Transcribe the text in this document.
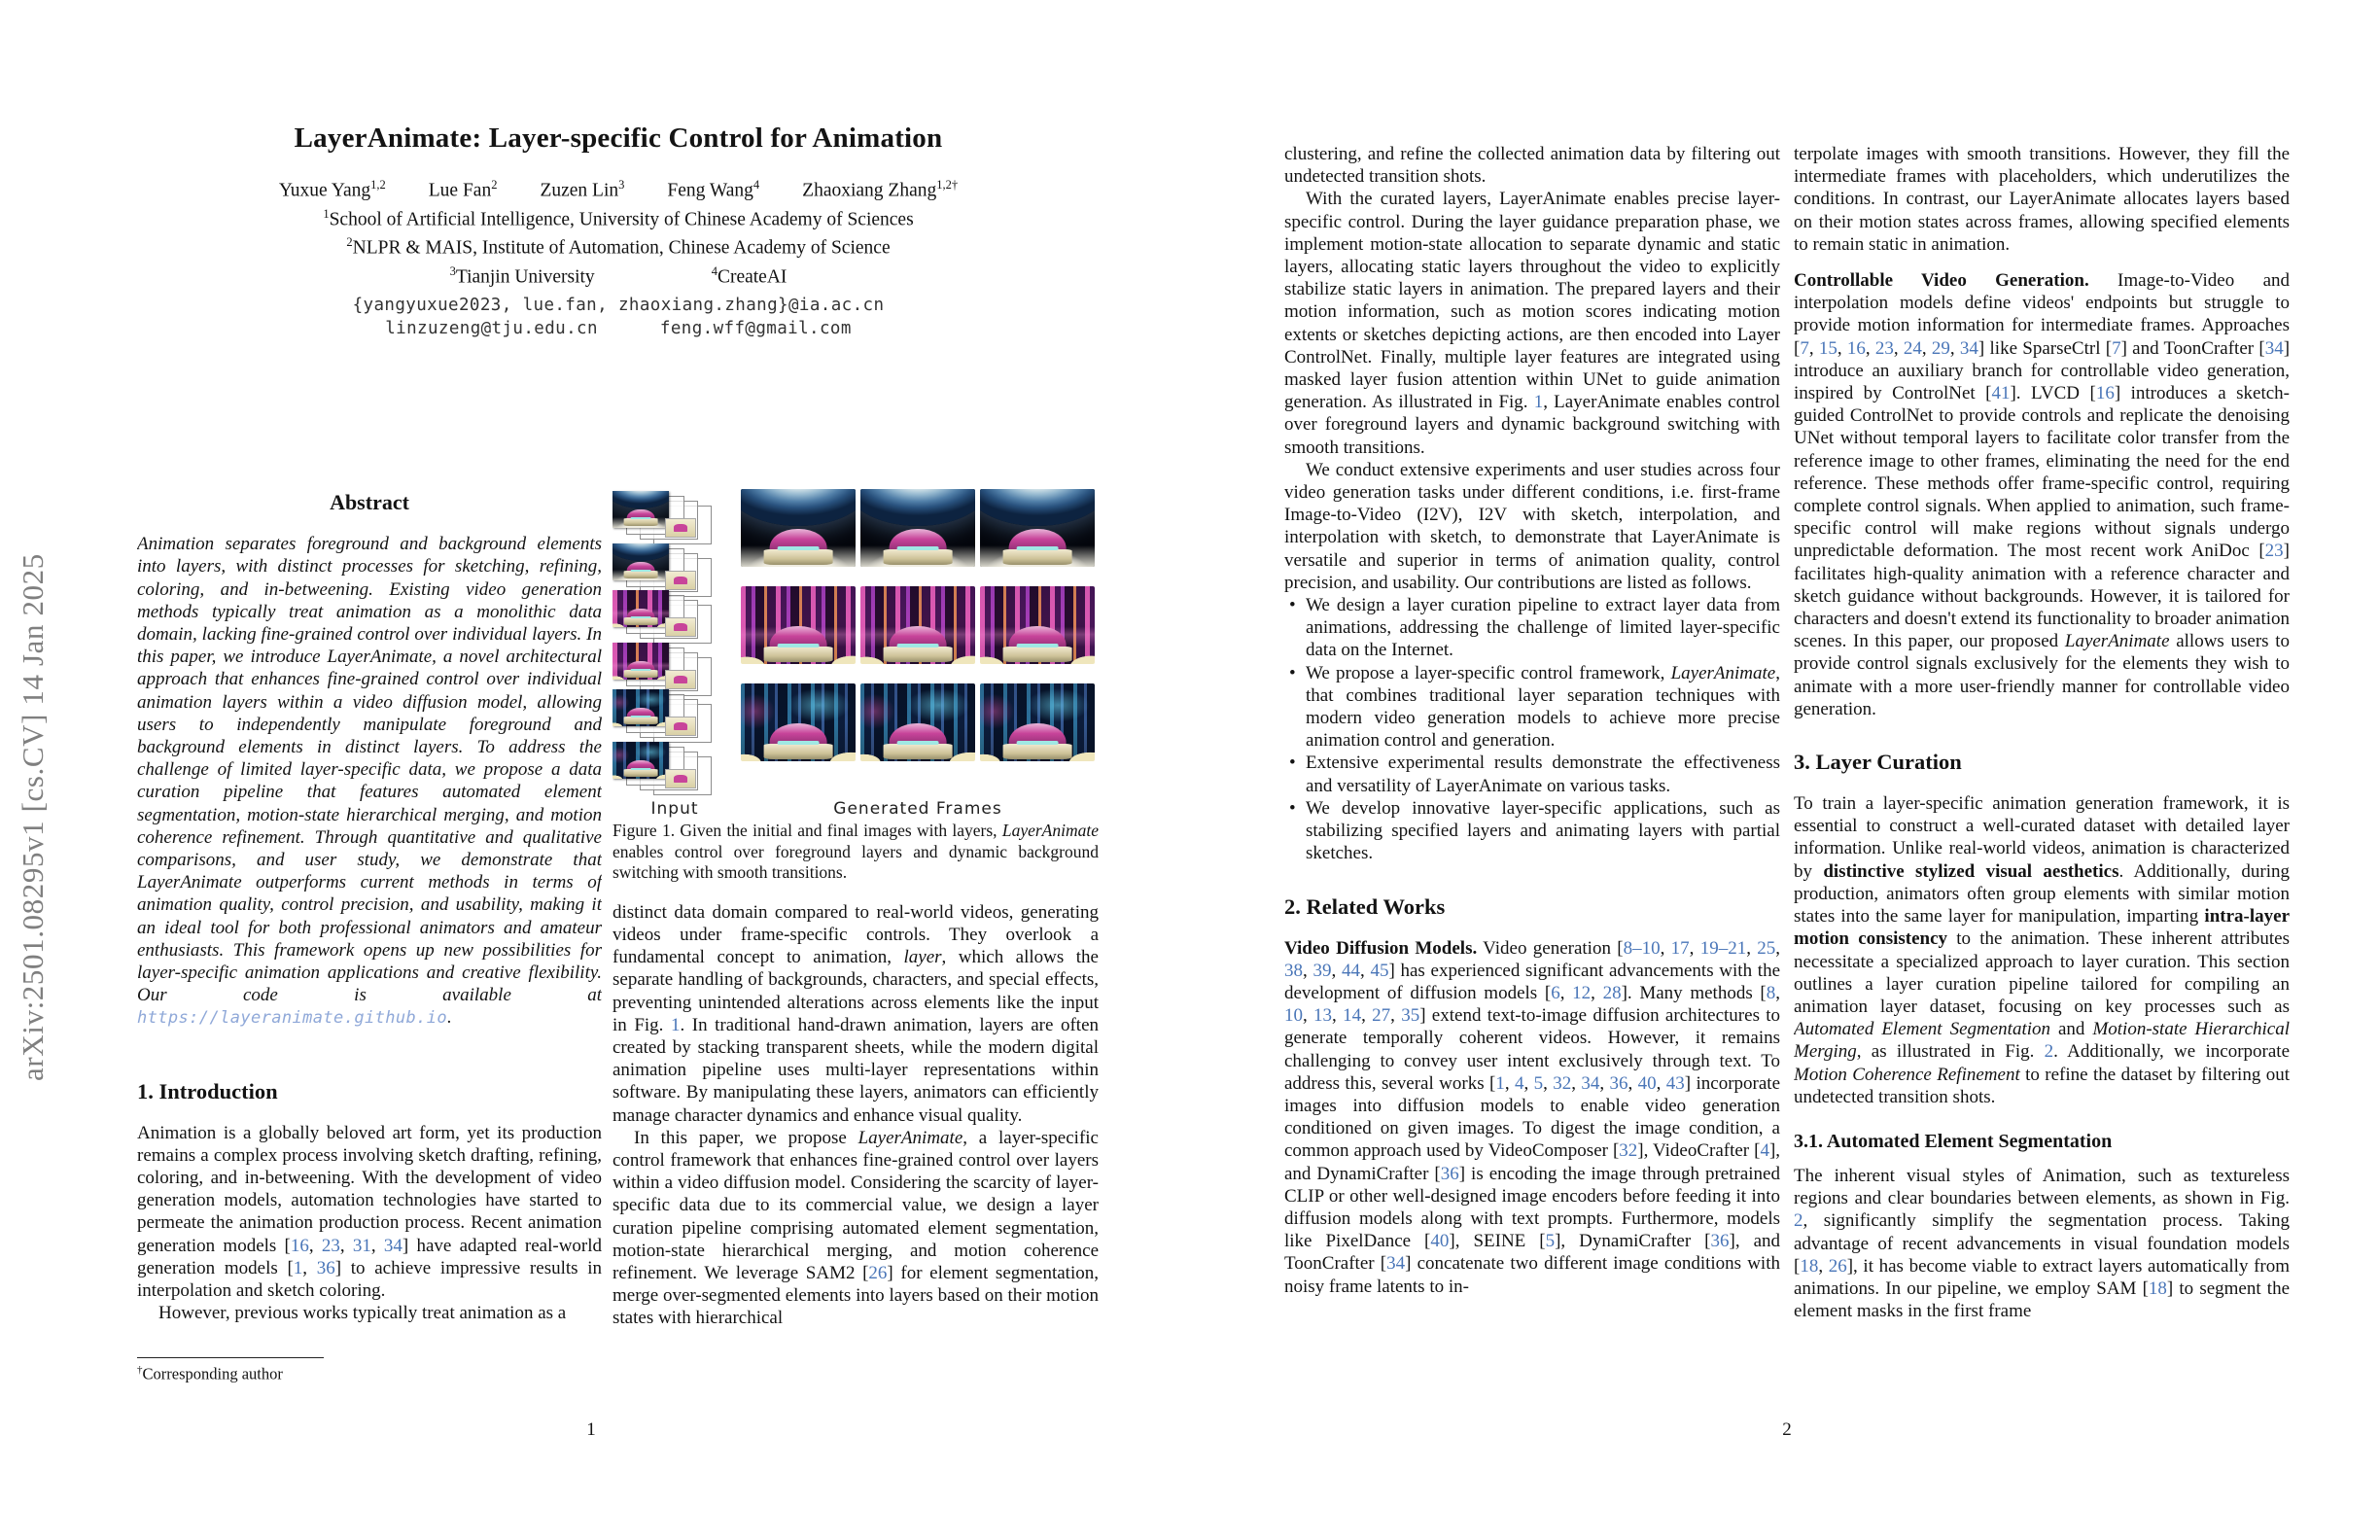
arXiv:2501.08295v1 [cs.CV] 14 Jan 2025
LayerAnimate: Layer-specific Control for Animation
Yuxue Yang$^{1,2}$ Lue Fan$^2$ Zuzen Lin$^3$ Feng Wang$^4$ Zhaoxiang Zhang$^{1,2\dagger}$
$^1$School of Artificial Intelligence, University of Chinese Academy of Sciences
$^2$NLPR & MAIS, Institute of Automation, Chinese Academy of Science
$^3$Tianjin University	$^4$CreateAI
{yangyuxue2023, lue.fan, zhaoxiang.zhang}@ia.ac.cn
linzuzeng@tju.edu.cn	feng.wff@gmail.com
Abstract

Animation separates foreground and background elements into layers, with distinct processes for sketching, refining, coloring, and in-betweening. Existing video generation methods typically treat animation as a monolithic data domain, lacking fine-grained control over individual layers. In this paper, we introduce LayerAnimate, a novel architectural approach that enhances fine-grained control over individual animation layers within a video diffusion model, allowing users to independently manipulate foreground and background elements in distinct layers. To address the challenge of limited layer-specific data, we propose a data curation pipeline that features automated element segmentation, motion-state hierarchical merging, and motion coherence refinement. Through quantitative and qualitative comparisons, and user study, we demonstrate that LayerAnimate outperforms current methods in terms of animation quality, control precision, and usability, making it an ideal tool for both professional animators and amateur enthusiasts. This framework opens up new possibilities for layer-specific animation applications and creative flexibility. Our code is available at https://layeranimate.github.io.

1. Introduction

Animation is a globally beloved art form, yet its production remains a complex process involving sketch drafting, refining, coloring, and in-betweening. With the development of video generation models, automation technologies have started to permeate the animation production process. Recent animation generation models [16, 23, 31, 34] have adapted real-world generation models [1, 36] to achieve impressive results in interpolation and sketch coloring.

However, previous works typically treat animation as a

Input	Generated Frames

Figure 1. Given the initial and final images with layers, LayerAnimate enables control over foreground layers and dynamic background switching with smooth transitions.

distinct data domain compared to real-world videos, generating videos under frame-specific controls. They overlook a fundamental concept to animation, layer, which allows the separate handling of backgrounds, characters, and special effects, preventing unintended alterations across elements like the input in Fig. 1. In traditional hand-drawn animation, layers are often created by stacking transparent sheets, while the modern digital animation pipeline uses multi-layer representations within software. By manipulating these layers, animators can efficiently manage character dynamics and enhance visual quality.

In this paper, we propose LayerAnimate, a layer-specific control framework that enhances fine-grained control over layers within a video diffusion model. Considering the scarcity of layer-specific data due to its commercial value, we design a layer curation pipeline comprising automated element segmentation, motion-state hierarchical merging, and motion coherence refinement. We leverage SAM2 [26] for element segmentation, merge over-segmented elements into layers based on their motion states with hierarchical

†Corresponding author
1

clustering, and refine the collected animation data by filtering out undetected transition shots.

With the curated layers, LayerAnimate enables precise layer-specific control. During the layer guidance preparation phase, we implement motion-state allocation to separate dynamic and static layers, allocating static layers throughout the video to explicitly stabilize static layers in animation. The prepared layers and their motion information, such as motion scores indicating motion extents or sketches depicting actions, are then encoded into Layer ControlNet. Finally, multiple layer features are integrated using masked layer fusion attention within UNet to guide animation generation. As illustrated in Fig. 1, LayerAnimate enables control over foreground layers and dynamic background switching with smooth transitions.

We conduct extensive experiments and user studies across four video generation tasks under different conditions, i.e. first-frame Image-to-Video (I2V), I2V with sketch, interpolation, and interpolation with sketch, to demonstrate that LayerAnimate is versatile and superior in terms of animation quality, control precision, and usability. Our contributions are listed as follows.

• We design a layer curation pipeline to extract layer data from animations, addressing the challenge of limited layer-specific data on the Internet.
• We propose a layer-specific control framework, LayerAnimate, that combines traditional layer separation techniques with modern video generation models to achieve more precise animation control and generation.
• Extensive experimental results demonstrate the effectiveness and versatility of LayerAnimate on various tasks.
• We develop innovative layer-specific applications, such as stabilizing specified layers and animating layers with partial sketches.
2. Related Works

Video Diffusion Models. Video generation [8–10, 17, 19–21, 25, 38, 39, 44, 45] has experienced significant advancements with the development of diffusion models [6, 12, 28]. Many methods [8, 10, 13, 14, 27, 35] extend text-to-image diffusion architectures to generate temporally coherent videos. However, it remains challenging to convey user intent exclusively through text. To address this, several works [1, 4, 5, 32, 34, 36, 40, 43] incorporate images into diffusion models to enable video generation conditioned on given images. To digest the image condition, a common approach used by VideoComposer [32], VideoCrafter [4], and DynamiCrafter [36] is encoding the image through pretrained CLIP or other well-designed image encoders before feeding it into diffusion models along with text prompts. Furthermore, models like PixelDance [40], SEINE [5], DynamiCrafter [36], and ToonCrafter [34] concatenate two different image conditions with noisy frame latents to in-

terpolate images with smooth transitions. However, they fill the intermediate frames with placeholders, which underutilizes the conditions. In contrast, our LayerAnimate allocates layers based on their motion states across frames, allowing specified elements to remain static in animation.

Controllable Video Generation. Image-to-Video and interpolation models define videos' endpoints but struggle to provide motion information for intermediate frames. Approaches [7, 15, 16, 23, 24, 29, 34] like SparseCtrl [7] and ToonCrafter [34] introduce an auxiliary branch for controllable video generation, inspired by ControlNet [41]. LVCD [16] introduces a sketch-guided ControlNet to provide controls and replicate the denoising UNet without temporal layers to facilitate color transfer from the reference image to other frames, eliminating the need for the end reference. These methods offer frame-specific control, requiring complete control signals. When applied to animation, such frame-specific control will make regions without signals undergo unpredictable deformation. The most recent work AniDoc [23] facilitates high-quality animation with a reference character and sketch guidance without backgrounds. However, it is tailored for characters and doesn't extend its functionality to broader animation scenes. In this paper, our proposed LayerAnimate allows users to provide control signals exclusively for the elements they wish to animate with a more user-friendly manner for controllable video generation.

3. Layer Curation

To train a layer-specific animation generation framework, it is essential to construct a well-curated dataset with detailed layer information. Unlike real-world videos, animation is characterized by distinctive stylized visual aesthetics. Additionally, during production, animators often group elements with similar motion states into the same layer for manipulation, imparting intra-layer motion consistency to the animation. These inherent attributes necessitate a specialized approach to layer curation. This section outlines a layer curation pipeline tailored for compiling an animation layer dataset, focusing on key processes such as Automated Element Segmentation and Motion-state Hierarchical Merging, as illustrated in Fig. 2. Additionally, we incorporate Motion Coherence Refinement to refine the dataset by filtering out undetected transition shots.

3.1. Automated Element Segmentation

The inherent visual styles of Animation, such as textureless regions and clear boundaries between elements, as shown in Fig. 2, significantly simplify the segmentation process. Taking advantage of recent advancements in visual foundation models [18, 26], it has become viable to extract layers automatically from animations. In our pipeline, we employ SAM [18] to segment the element masks in the first frame

2
